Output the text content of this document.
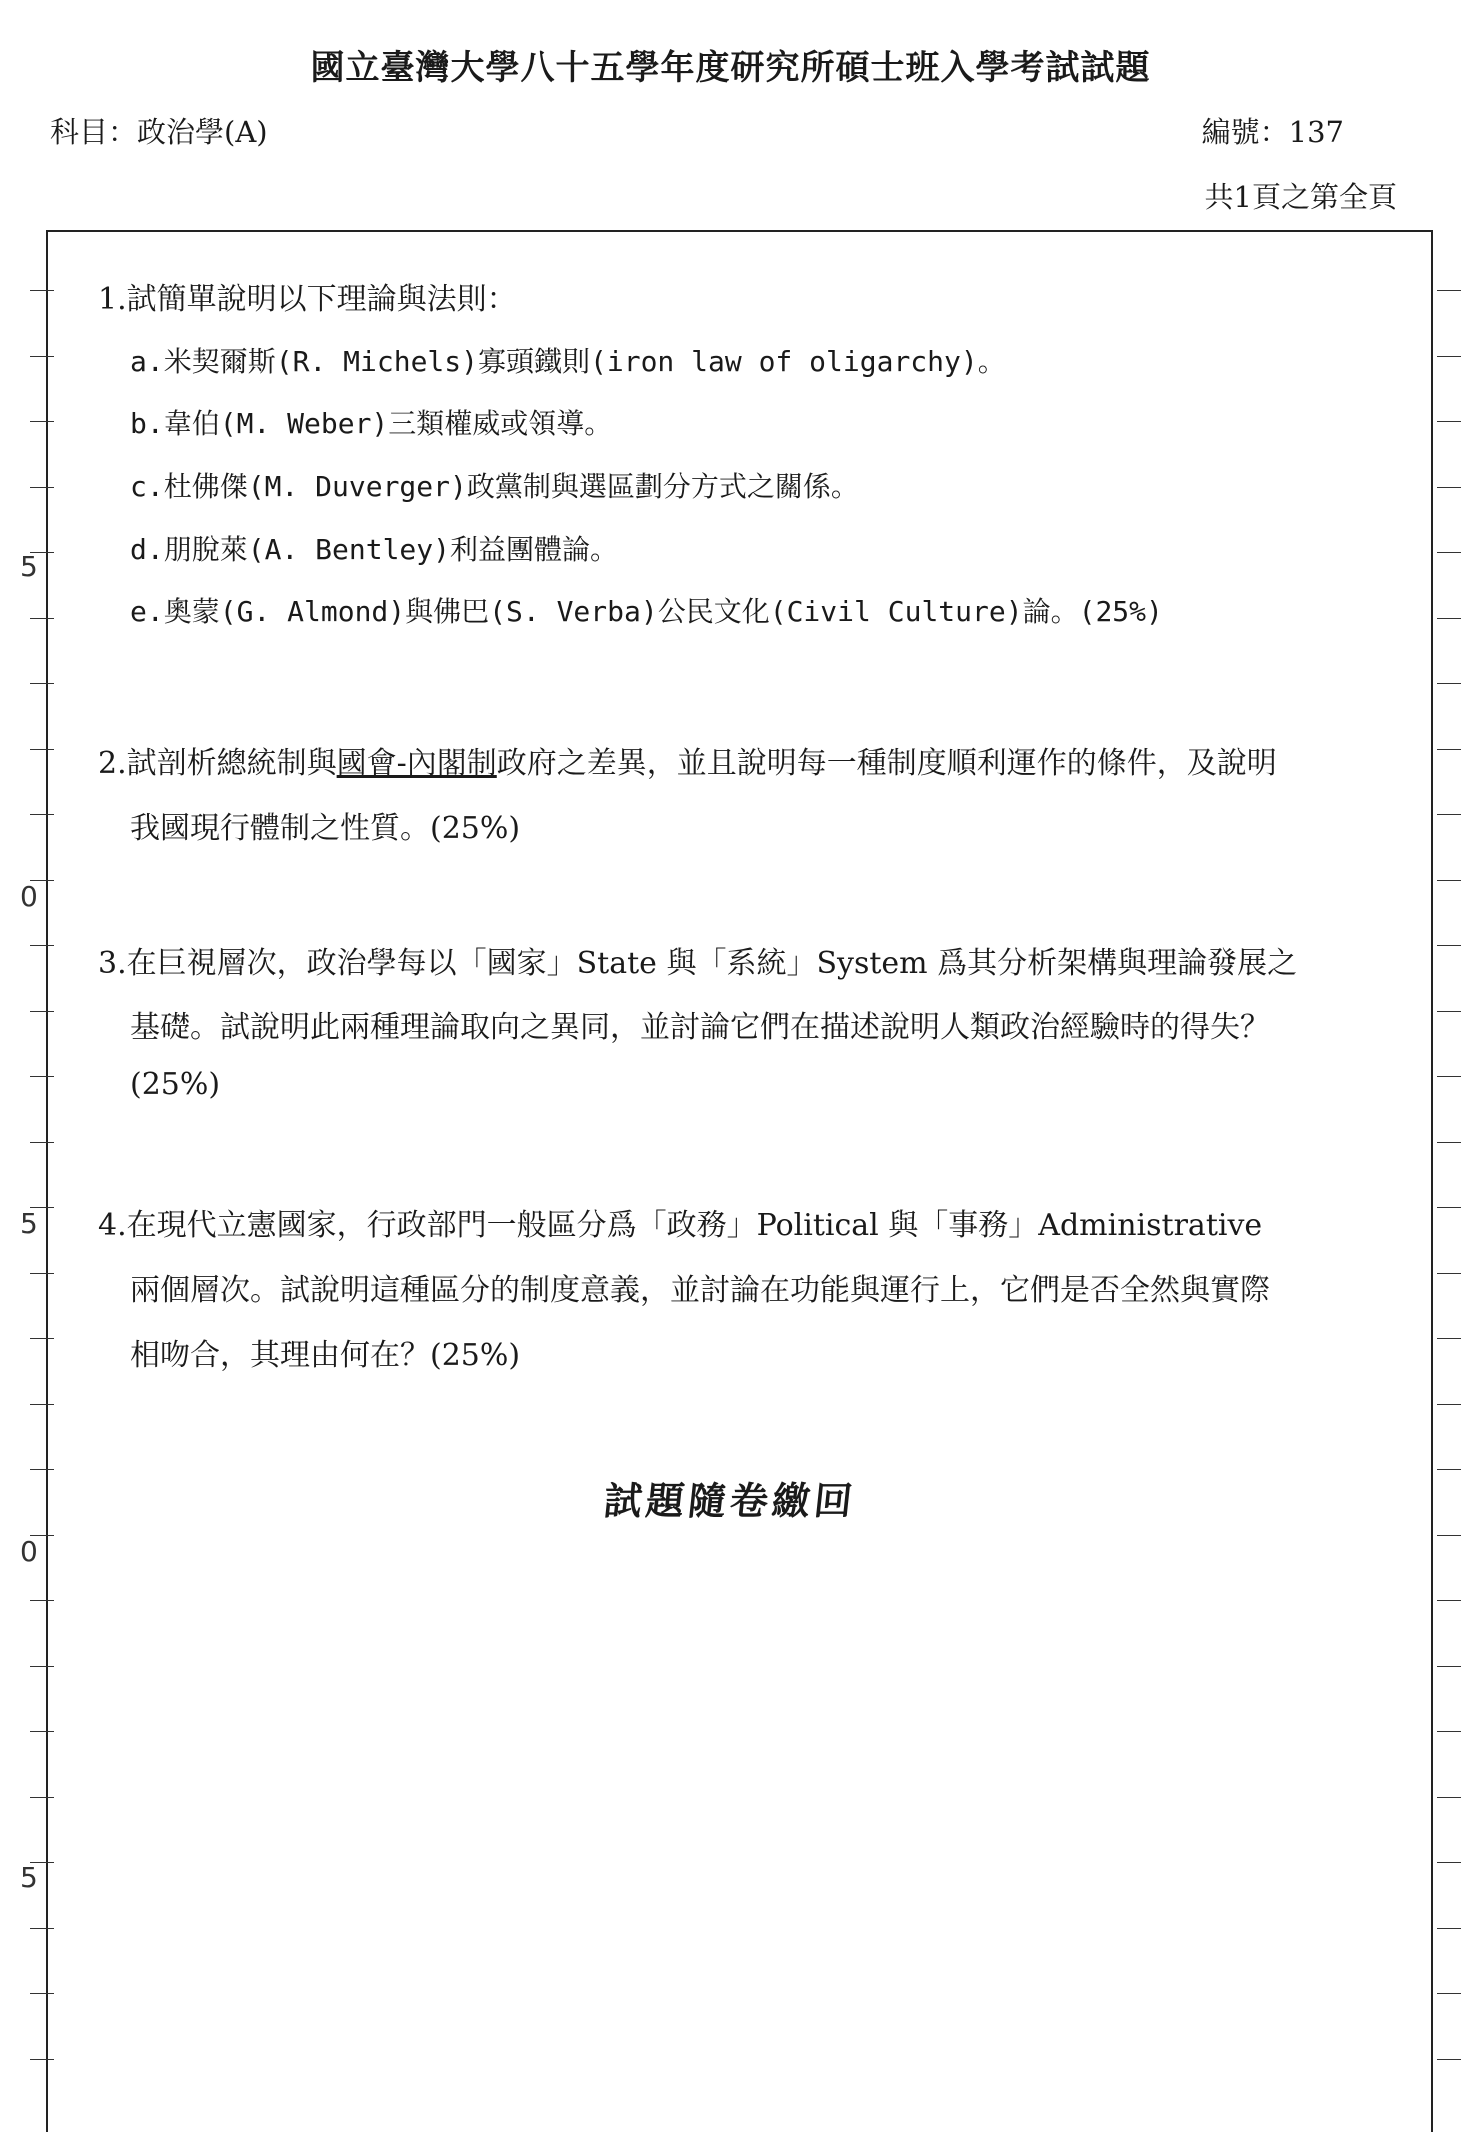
國立臺灣大學八十五學年度研究所碩士班入學考試試題
科目：政治學(A)	編號：137
共1頁之第全頁
5
0
5
0
5
1.試簡單說明以下理論與法則：
a.米契爾斯(R. Michels)寡頭鐵則(iron law of oligarchy)。
b.韋伯(M. Weber)三類權威或領導。
c.杜佛傑(M. Duverger)政黨制與選區劃分方式之關係。
d.朋脫萊(A. Bentley)利益團體論。
e.奧蒙(G. Almond)與佛巴(S. Verba)公民文化(Civil Culture)論。(25%)
2.試剖析總統制與國會-內閣制政府之差異，並且說明每一種制度順利運作的條件，及說明
我國現行體制之性質。(25%)
3.在巨視層次，政治學每以「國家」State 與「系統」System 爲其分析架構與理論發展之
基礎。試說明此兩種理論取向之異同，並討論它們在描述說明人類政治經驗時的得失？
(25%)
4.在現代立憲國家，行政部門一般區分爲「政務」Political 與「事務」Administrative
兩個層次。試說明這種區分的制度意義，並討論在功能與運行上，它們是否全然與實際
相吻合，其理由何在？(25%)
試題隨卷繳回
